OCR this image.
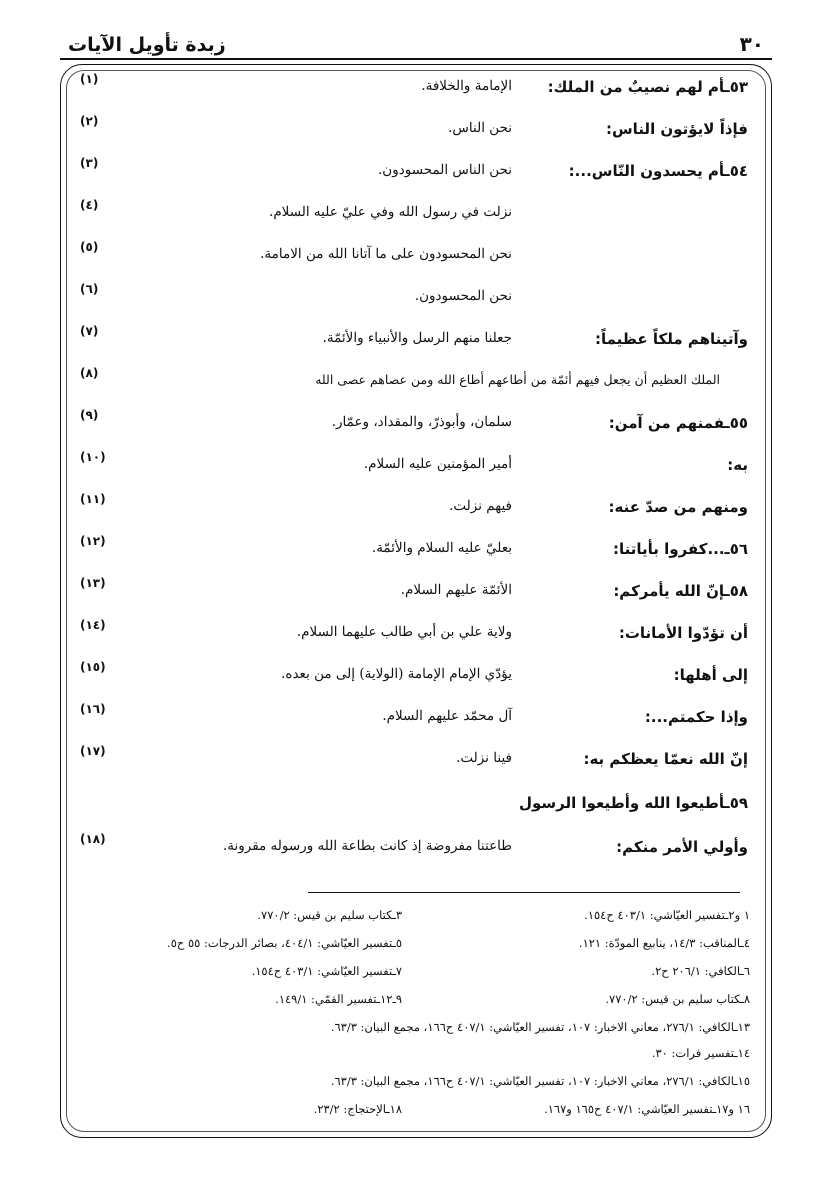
زبدة تأويل الآيات	٣٠
٥٣ـأم لهم نصيبٌ من الملك:
الإمامة والخلافة.
(١)
فإذاً لايؤتون الناس:
نحن الناس.
(٢)
٥٤ـأم يحسدون النّاس...:
نحن الناس المحسودون.
(٣)
نزلت في رسول الله وفي عليّ عليه السلام.
(٤)
نحن المحسودون على ما آتانا الله من الامامة.
(٥)
نحن المحسودون.
(٦)
وآتيناهم ملكاً عظيماً:
جعلنا منهم الرسل والأنبياء والأئمّة.
(٧)
الملك العظيم أن يجعل فيهم أئمّة من أطاعهم أطاع الله ومن عصاهم عصى الله
(٨)
٥٥ـفمنهم من آمن:
سلمان، وأبوذرّ، والمقداد، وعمّار.
(٩)
به:
أمير المؤمنين عليه السلام.
(١٠)
ومنهم من صدّ عنه:
فيهم نزلت.
(١١)
٥٦ـ...كفروا بأياتنا:
بعليّ عليه السلام والأئمّة.
(١٢)
٥٨ـإنّ الله يأمركم:
الأئمّة عليهم السلام.
(١٣)
أن تؤدّوا الأمانات:
ولاية علي بن أبي طالب عليهما السلام.
(١٤)
إلى أهلها:
يؤدّي الإمام الإمامة (الولاية) إلى من بعده.
(١٥)
وإذا حكمتم...:
آل محمّد عليهم السلام.
(١٦)
إنّ الله نعمّا يعظكم به:
فينا نزلت.
(١٧)
٥٩ـأطيعوا الله وأطيعوا الرسول
وأولي الأمر منكم:
طاعتنا مفروضة إذ كانت بطاعة الله ورسوله مقرونة.
(١٨)
١ و٢ـتفسير العيّاشي: ٤٠٣/١ ح١٥٤.
٣ـكتاب سليم بن قيس: ٧٧٠/٢.
٤ـالمناقب: ١٤/٣، ينابيع المودّة: ١٢١.
٥ـتفسير العيّاشي: ٤٠٤/١، بصائر الدرجات: ٥٥ ح٥.
٦ـالكافي: ٢٠٦/١ ح٢.
٧ـتفسير العيّاشي: ٤٠٣/١ ح١٥٤.
٨ـكتاب سليم بن قيس: ٧٧٠/٢.
٩ـ١٢ـتفسير القمّي: ١٤٩/١.
١٣ـالكافي: ٢٧٦/١، معاني الاخبار: ١٠٧، تفسير العيّاشي: ٤٠٧/١ ح١٦٦، مجمع البيان: ٦٣/٣.
١٤ـتفسير فرات: ٣٠.
١٥ـالكافي: ٢٧٦/١، معاني الاخبار: ١٠٧، تفسير العيّاشي: ٤٠٧/١ ح١٦٦، مجمع البيان: ٦٣/٣.
١٦ و١٧ـتفسير العيّاشي: ٤٠٧/١ ح١٦٥ و١٦٧.
١٨ـالإحتجاج: ٢٣/٢.
